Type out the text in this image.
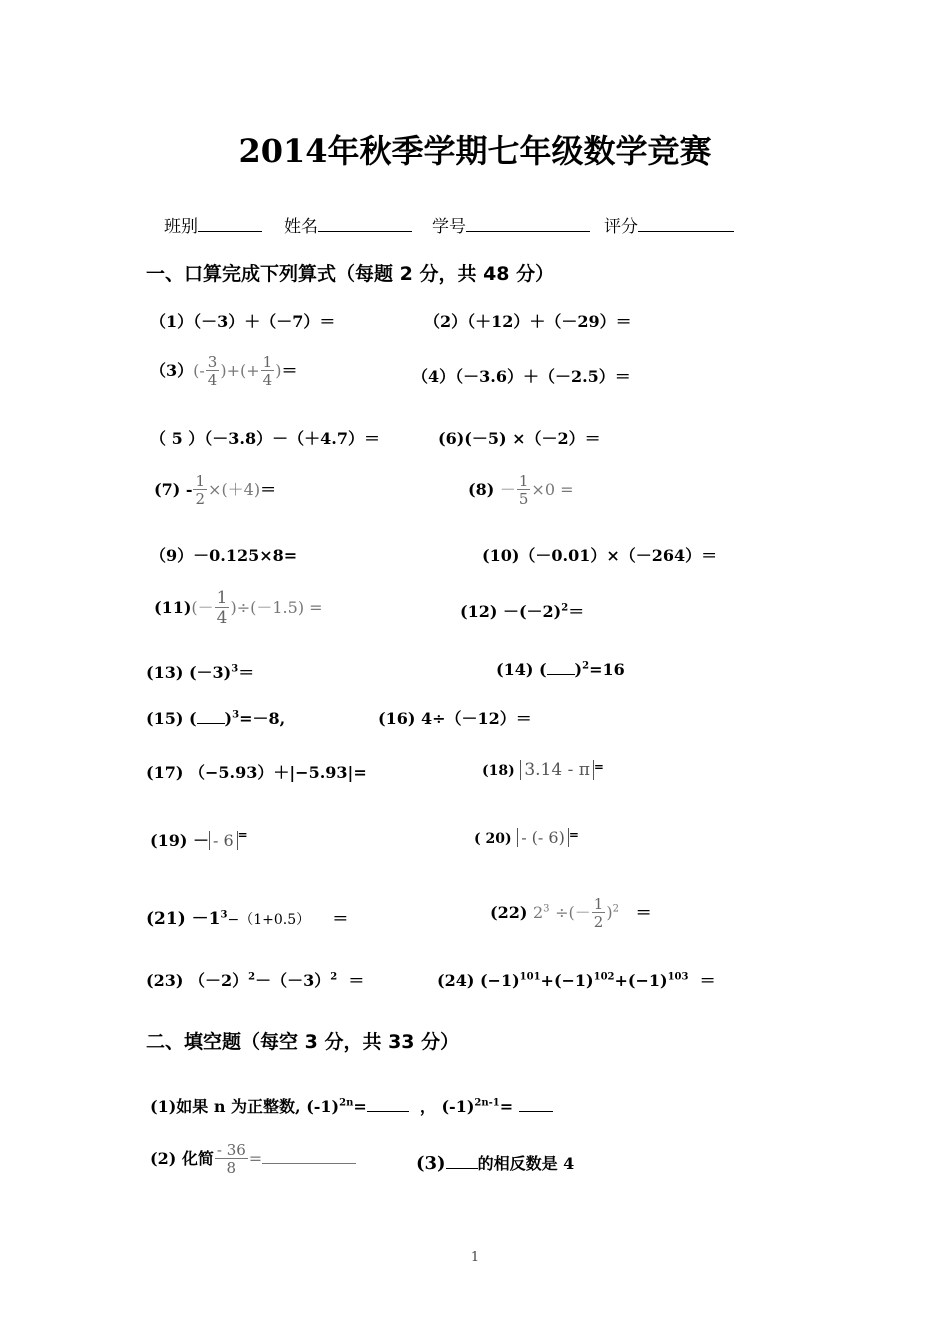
2014年秋季学期七年级数学竞赛
班别	姓名	学号	评分
一、口算完成下列算式（每题 2 分，共 48 分）
（1）（－3）＋（－7）＝	（2）（＋12）＋（－29）＝
$(3)(- \frac{3}{4}$ )+(+ $\frac{1}{4}$ )＝	（4）（－3.6）＋（－2.5）＝
（ 5 ）（－3.8）－（＋4.7）＝	(6)(－5) ×（－2）＝
$(7) - \frac{1}{2} \times(+4)=$	$(8) - \frac{1}{5} \times 0$ =
（9）－0.125×8=	(10)（－0.01）×（－264）＝
$(11)(- \frac{1}{4} )\div(-1.5)$ =	$(12) -(-2)^2=$
(13) $(-3)^3=$	(14) ( )$^2$=16
(15) ( )$^3$=－8,	(16) 4÷（－12）＝
(17) （−5.93）＋|−5.93|=	(18) 3.14 - π =
(19) － - 6 =	( 20) - (- 6) =
$(21) -1^3-(1+0.5)$ ＝	(22) $2^3$ ÷(－ $\frac{1}{2} )^2$ ＝
(23) $(-2)^2-(-3)^2$ ＝	(24) $(-1)^{101}+(-1)^{102}+(-1)^{103}$ ＝
二、填空题（每空 3 分，共 33 分）
(1)如果 n 为正整数, $(-1)^{2n}=$	， $(-1)^{2n-1}=$
(2) 化简 $\frac{- 36}{8}$ =	(3) 的相反数是 4
1
